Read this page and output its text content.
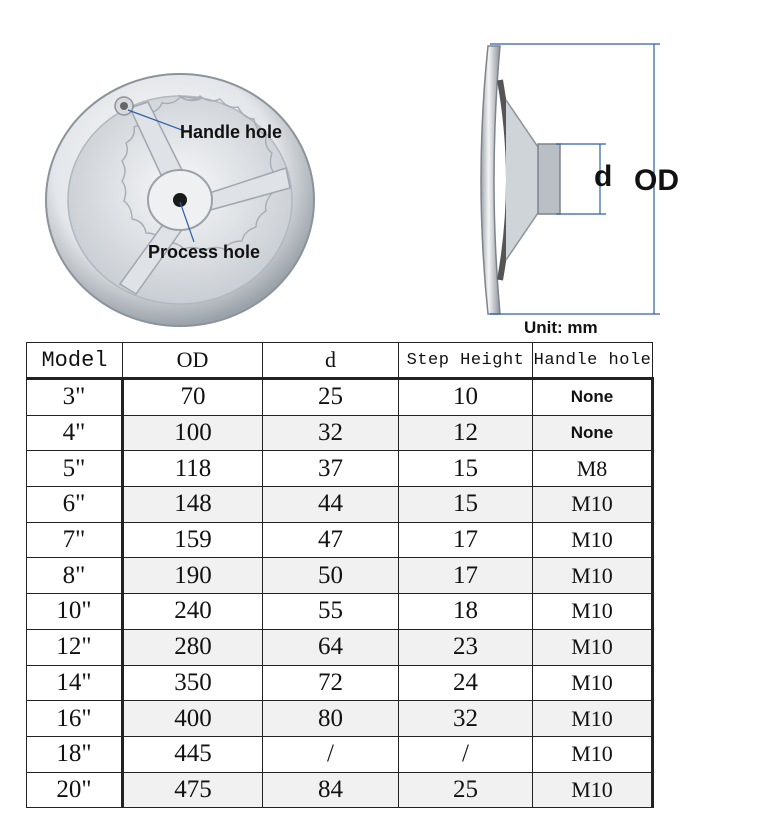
Handle hole
Process hole
d OD
Unit: mm
Model	OD	d	Step Height	Handle hole
3"	70	25	10	None
4"	100	32	12	None
5"	118	37	15	M8
6"	148	44	15	M10
7"	159	47	17	M10
8"	190	50	17	M10
10"	240	55	18	M10
12"	280	64	23	M10
14"	350	72	24	M10
16"	400	80	32	M10
18"	445	/	/	M10
20"	475	84	25	M10
